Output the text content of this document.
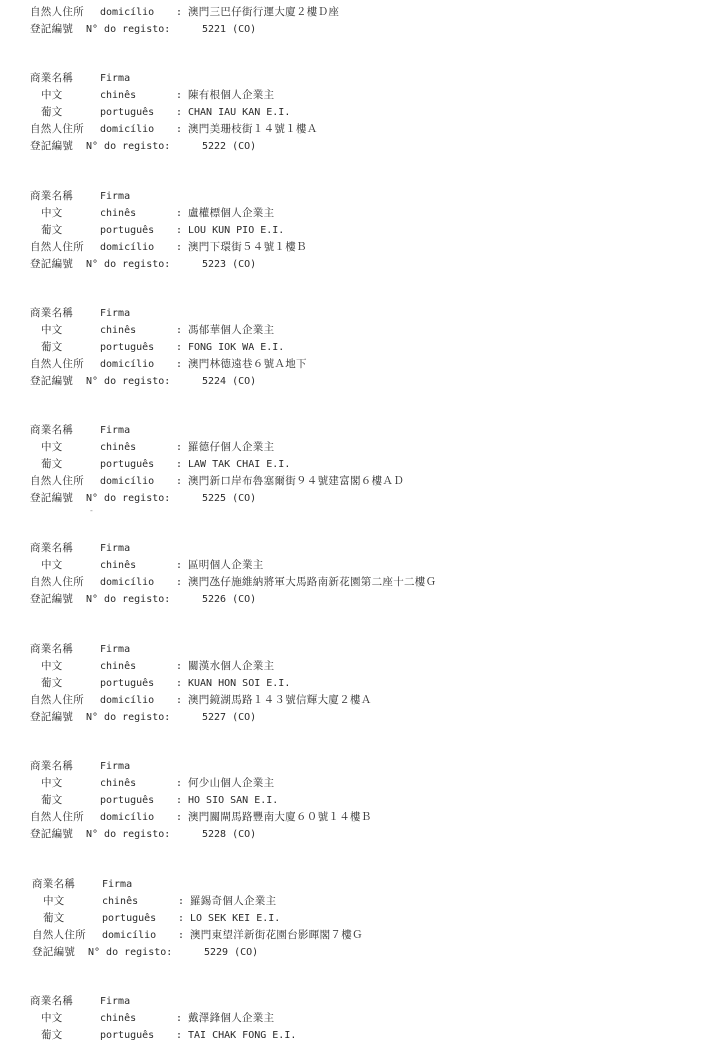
自然人住所 domicílio : 澳門三巴仔街行運大廈２樓Ｄ座
登記編號 N° do registo:	5221 (CO)
商業名稱	Firma
中文	chinês	: 陳有根個人企業主
葡文	português : CHAN IAU KAN E.I.
自然人住所 domicílio : 澳門美珊枝街１４號１樓Ａ
登記編號 N° do registo:	5222 (CO)
商業名稱	Firma
中文	chinês	: 盧權標個人企業主
葡文	português : LOU KUN PIO E.I.
自然人住所 domicílio : 澳門下環街５４號１樓Ｂ
登記編號 N° do registo:	5223 (CO)
商業名稱	Firma
中文	chinês	: 馮郁華個人企業主
葡文	português : FONG IOK WA E.I.
自然人住所 domicílio : 澳門林德遠巷６號Ａ地下
登記編號 N° do registo:	5224 (CO)
商業名稱	Firma
中文	chinês	: 羅德仔個人企業主
葡文	português : LAW TAK CHAI E.I.
自然人住所 domicílio : 澳門新口岸布魯塞爾街９４號建富閣６樓ＡＤ
登記編號 N° do registo:	5225 (CO)
商業名稱	Firma
中文	chinês	: 區明個人企業主
自然人住所 domicílio : 澳門氹仔施維納將軍大馬路南新花園第二座十二樓Ｇ
登記編號 N° do registo:	5226 (CO)
商業名稱	Firma
中文	chinês	: 關漢水個人企業主
葡文	português : KUAN HON SOI E.I.
自然人住所 domicílio : 澳門鏡湖馬路１４３號信輝大廈２樓Ａ
登記編號 N° do registo:	5227 (CO)
商業名稱	Firma
中文	chinês	: 何少山個人企業主
葡文	português : HO SIO SAN E.I.
自然人住所 domicílio : 澳門關閘馬路豐南大廈６０號１４樓Ｂ
登記編號 N° do registo:	5228 (CO)
商業名稱	Firma
中文	chinês	: 羅錫奇個人企業主
葡文	português : LO SEK KEI E.I.
自然人住所 domicílio : 澳門東望洋新街花園台影暉閣７樓Ｇ
登記編號 N° do registo:	5229 (CO)
商業名稱	Firma
中文	chinês	: 戴澤鋒個人企業主
葡文	português : TAI CHAK FONG E.I.
-
